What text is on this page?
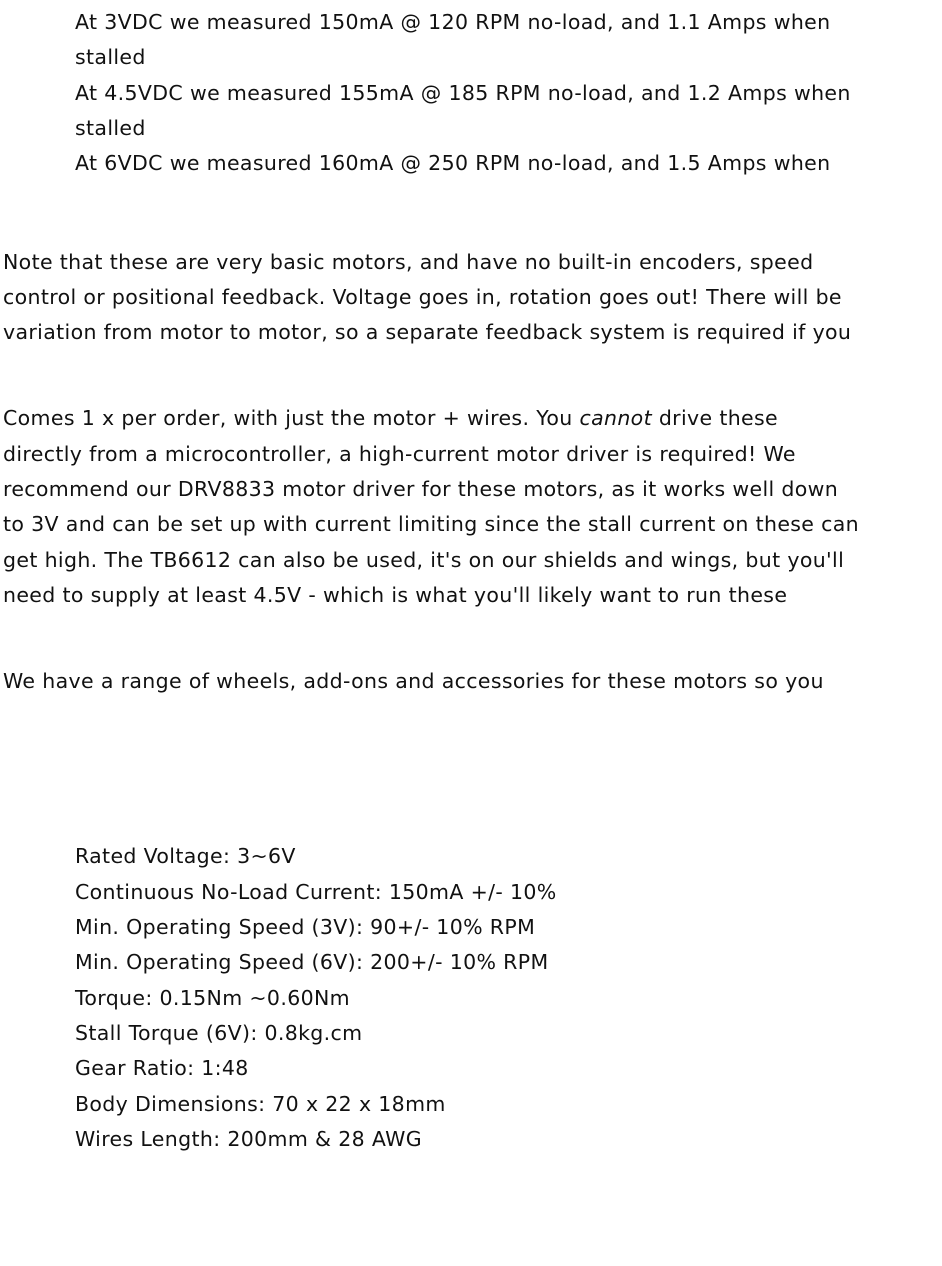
At 3VDC we measured 150mA @ 120 RPM no-load, and 1.1 Amps when
stalled
At 4.5VDC we measured 155mA @ 185 RPM no-load, and 1.2 Amps when
stalled
At 6VDC we measured 160mA @ 250 RPM no-load, and 1.5 Amps when
Note that these are very basic motors, and have no built-in encoders, speed
control or positional feedback. Voltage goes in, rotation goes out! There will be
variation from motor to motor, so a separate feedback system is required if you
Comes 1 x per order, with just the motor + wires. You cannot drive these
directly from a microcontroller, a high-current motor driver is required! We
recommend our DRV8833 motor driver for these motors, as it works well down
to 3V and can be set up with current limiting since the stall current on these can
get high. The TB6612 can also be used, it's on our shields and wings, but you'll
need to supply at least 4.5V - which is what you'll likely want to run these
We have a range of wheels, add-ons and accessories for these motors so you
Rated Voltage: 3~6V
Continuous No-Load Current: 150mA +/- 10%
Min. Operating Speed (3V): 90+/- 10% RPM
Min. Operating Speed (6V): 200+/- 10% RPM
Torque: 0.15Nm ~0.60Nm
Stall Torque (6V): 0.8kg.cm
Gear Ratio: 1:48
Body Dimensions: 70 x 22 x 18mm
Wires Length: 200mm & 28 AWG
